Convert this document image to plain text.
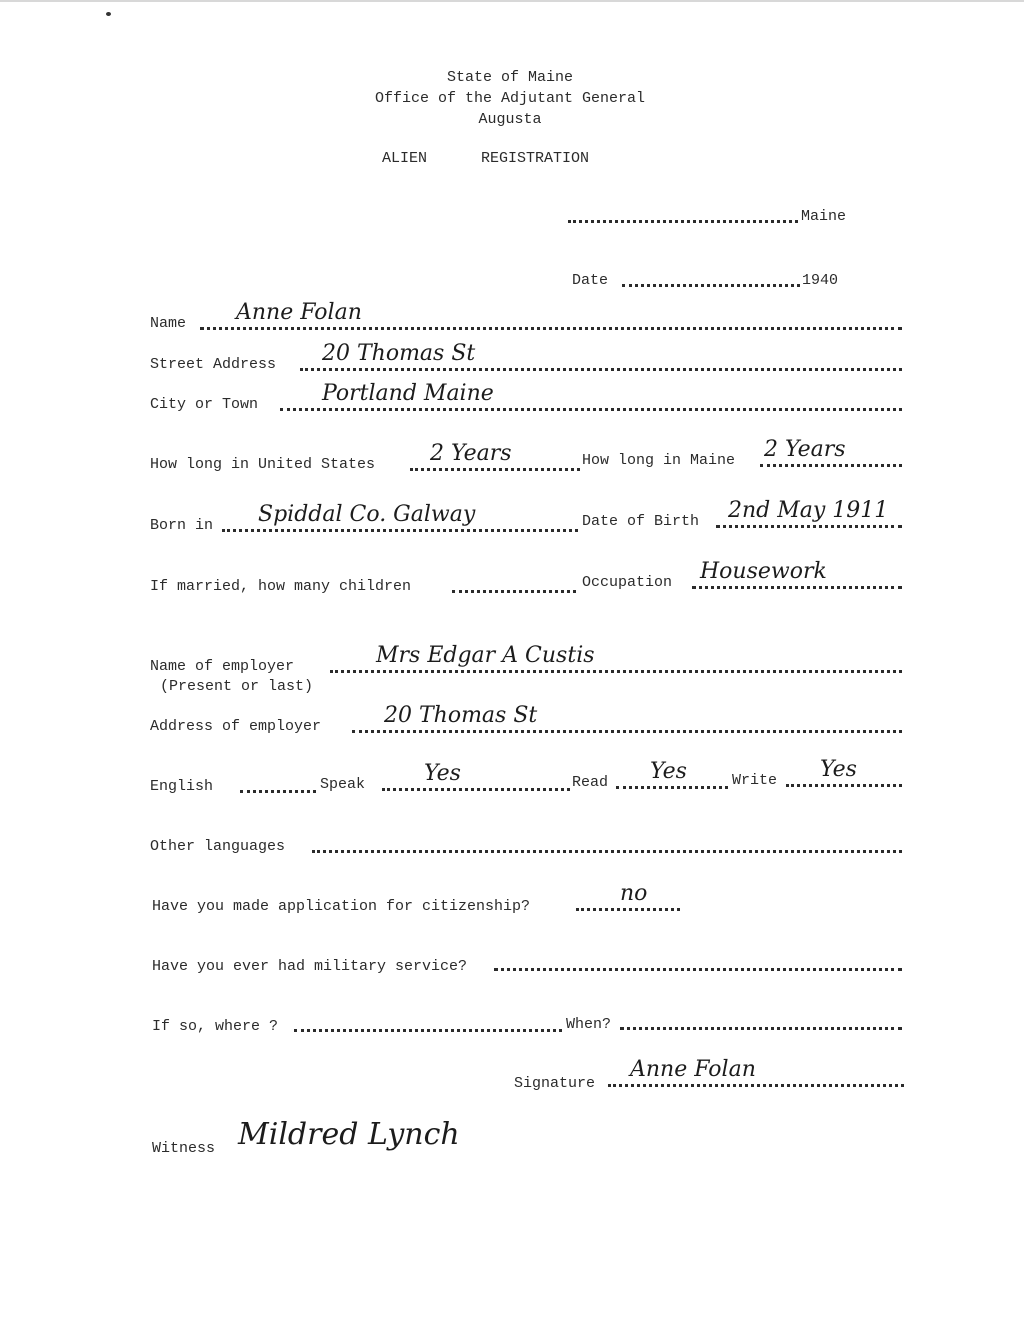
State of Maine
Office of the Adjutant General
Augusta
ALIEN	REGISTRATION
Maine
Date	1940
Name Anne Folan
Street Address 20 Thomas St
City or Town	Portland Maine
How long in United States 2 Years	How long in Maine 2 Years
Born in Spiddal Co. Galway	Date of Birth 2nd May 1911
If married, how many children	Occupation Housework
Name of employer
(Present or last)
Mrs Edgar A Custis
Address of employer	20 Thomas St
English	Speak	Yes	Read Yes	Write Yes
Other languages
Have you made application for citizenship?
no
Have you ever had military service?
If so, where ?	When?
Signature
Anne Folan
Witness Mildred Lynch
